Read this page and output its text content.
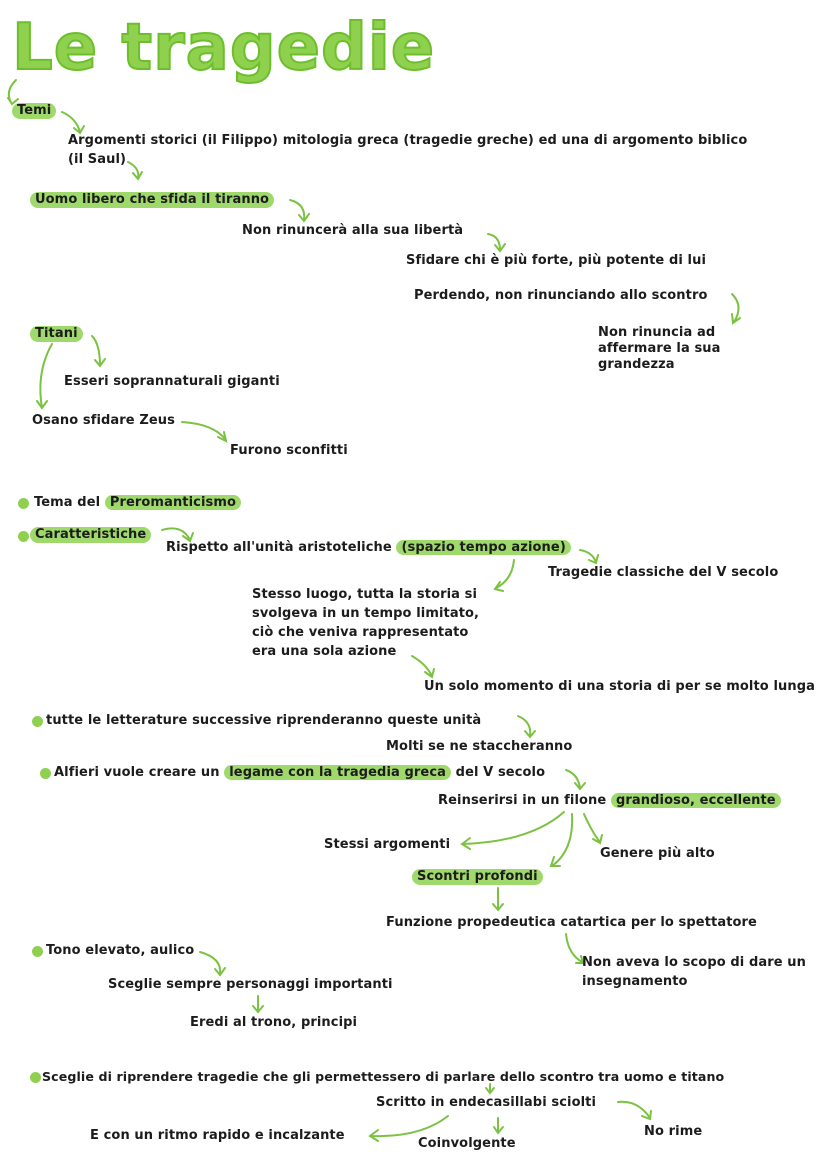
Le tragedie
Temi
Argomenti storici (il Filippo) mitologia greca (tragedie greche) ed una di argomento biblico
(il Saul)
Uomo libero che sfida il tiranno
Non rinuncerà alla sua libertà
Sfidare chi è più forte, più potente di lui
Perdendo, non rinunciando allo scontro
Non rinuncia ad
affermare la sua
grandezza
Titani
Esseri soprannaturali giganti
Osano sfidare Zeus
Furono sconfitti
Tema del Preromanticismo
Caratteristiche
Rispetto all'unità aristoteliche (spazio tempo azione)
Tragedie classiche del V secolo
Stesso luogo, tutta la storia si
svolgeva in un tempo limitato,
ciò che veniva rappresentato
era una sola azione
Un solo momento di una storia di per se molto lunga
tutte le letterature successive riprenderanno queste unità
Molti se ne staccheranno
Alfieri vuole creare un legame con la tragedia greca del V secolo
Reinserirsi in un filone grandioso, eccellente
Stessi argomenti
Genere più alto
Scontri profondi
Funzione propedeutica catartica per lo spettatore
Non aveva lo scopo di dare un
insegnamento
Tono elevato, aulico
Sceglie sempre personaggi importanti
Eredi al trono, principi
Sceglie di riprendere tragedie che gli permettessero di parlare dello scontro tra uomo e titano
Scritto in endecasillabi sciolti
No rime
E con un ritmo rapido e incalzante
Coinvolgente
